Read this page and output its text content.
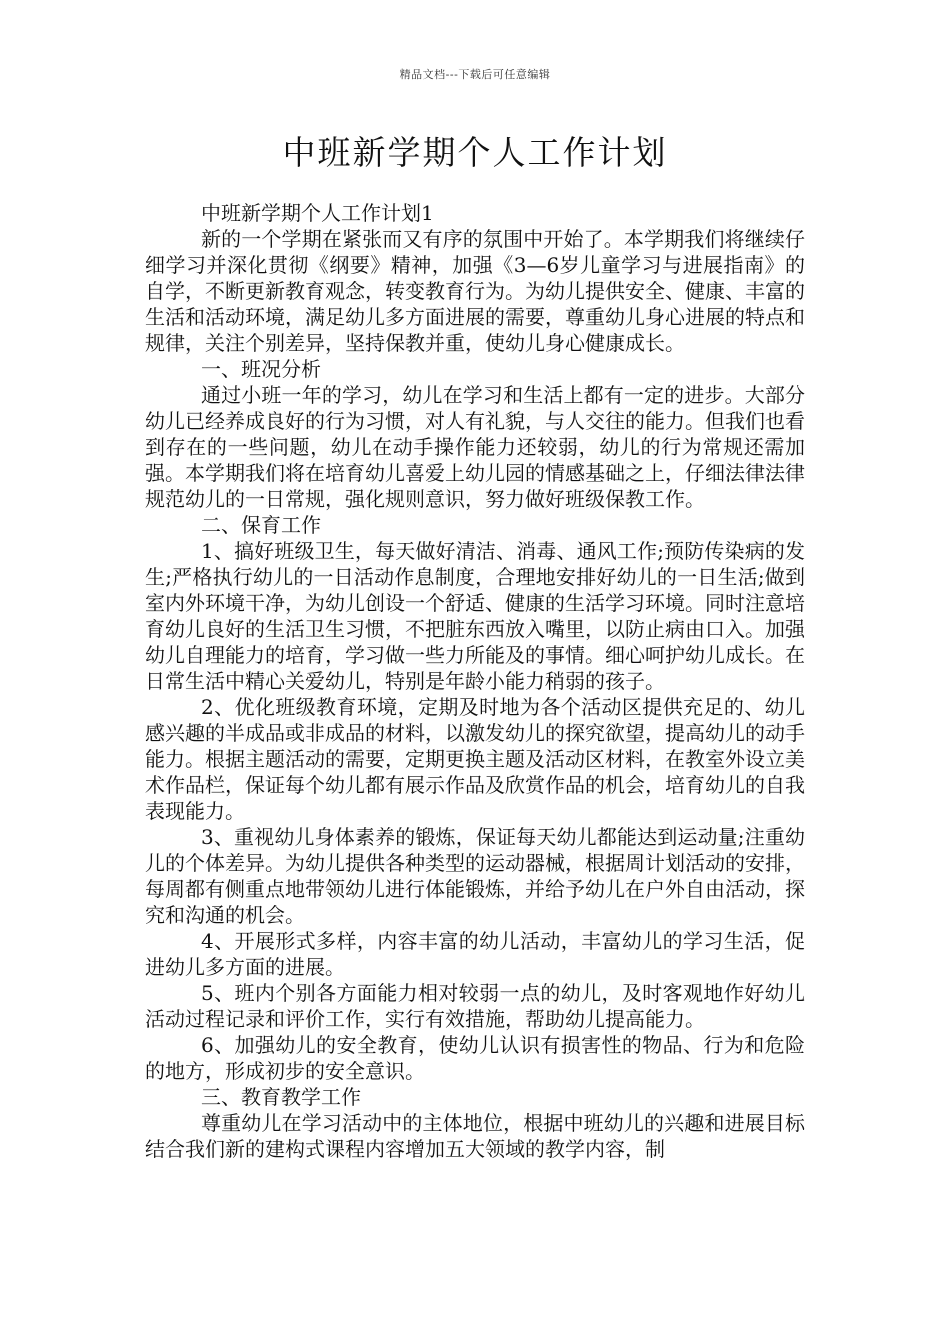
精品文档---下载后可任意编辑
中班新学期个人工作计划

中班新学期个人工作计划1

新的一个学期在紧张而又有序的氛围中开始了。本学期我们将继续仔细学习并深化贯彻《纲要》精神，加强《3—6岁儿童学习与进展指南》的自学，不断更新教育观念，转变教育行为。为幼儿提供安全、健康、丰富的生活和活动环境，满足幼儿多方面进展的需要，尊重幼儿身心进展的特点和规律，关注个别差异，坚持保教并重，使幼儿身心健康成长。

一、班况分析

通过小班一年的学习，幼儿在学习和生活上都有一定的进步。大部分幼儿已经养成良好的行为习惯，对人有礼貌，与人交往的能力。但我们也看到存在的一些问题，幼儿在动手操作能力还较弱，幼儿的行为常规还需加强。本学期我们将在培育幼儿喜爱上幼儿园的情感基础之上，仔细法律法律规范幼儿的一日常规，强化规则意识，努力做好班级保教工作。

二、保育工作

1、搞好班级卫生，每天做好清洁、消毒、通风工作;预防传染病的发生;严格执行幼儿的一日活动作息制度，合理地安排好幼儿的一日生活;做到室内外环境干净，为幼儿创设一个舒适、健康的生活学习环境。同时注意培育幼儿良好的生活卫生习惯，不把脏东西放入嘴里，以防止病由口入。加强幼儿自理能力的培育，学习做一些力所能及的事情。细心呵护幼儿成长。在日常生活中精心关爱幼儿，特别是年龄小能力稍弱的孩子。

2、优化班级教育环境，定期及时地为各个活动区提供充足的、幼儿感兴趣的半成品或非成品的材料，以激发幼儿的探究欲望，提高幼儿的动手能力。根据主题活动的需要，定期更换主题及活动区材料，在教室外设立美术作品栏，保证每个幼儿都有展示作品及欣赏作品的机会，培育幼儿的自我表现能力。

3、重视幼儿身体素养的锻炼，保证每天幼儿都能达到运动量;注重幼儿的个体差异。为幼儿提供各种类型的运动器械，根据周计划活动的安排，每周都有侧重点地带领幼儿进行体能锻炼，并给予幼儿在户外自由活动，探究和沟通的机会。

4、开展形式多样，内容丰富的幼儿活动，丰富幼儿的学习生活，促进幼儿多方面的进展。

5、班内个别各方面能力相对较弱一点的幼儿，及时客观地作好幼儿活动过程记录和评价工作，实行有效措施，帮助幼儿提高能力。

6、加强幼儿的安全教育，使幼儿认识有损害性的物品、行为和危险的地方，形成初步的安全意识。

三、教育教学工作

尊重幼儿在学习活动中的主体地位，根据中班幼儿的兴趣和进展目标结合我们新的建构式课程内容增加五大领域的教学内容，制
